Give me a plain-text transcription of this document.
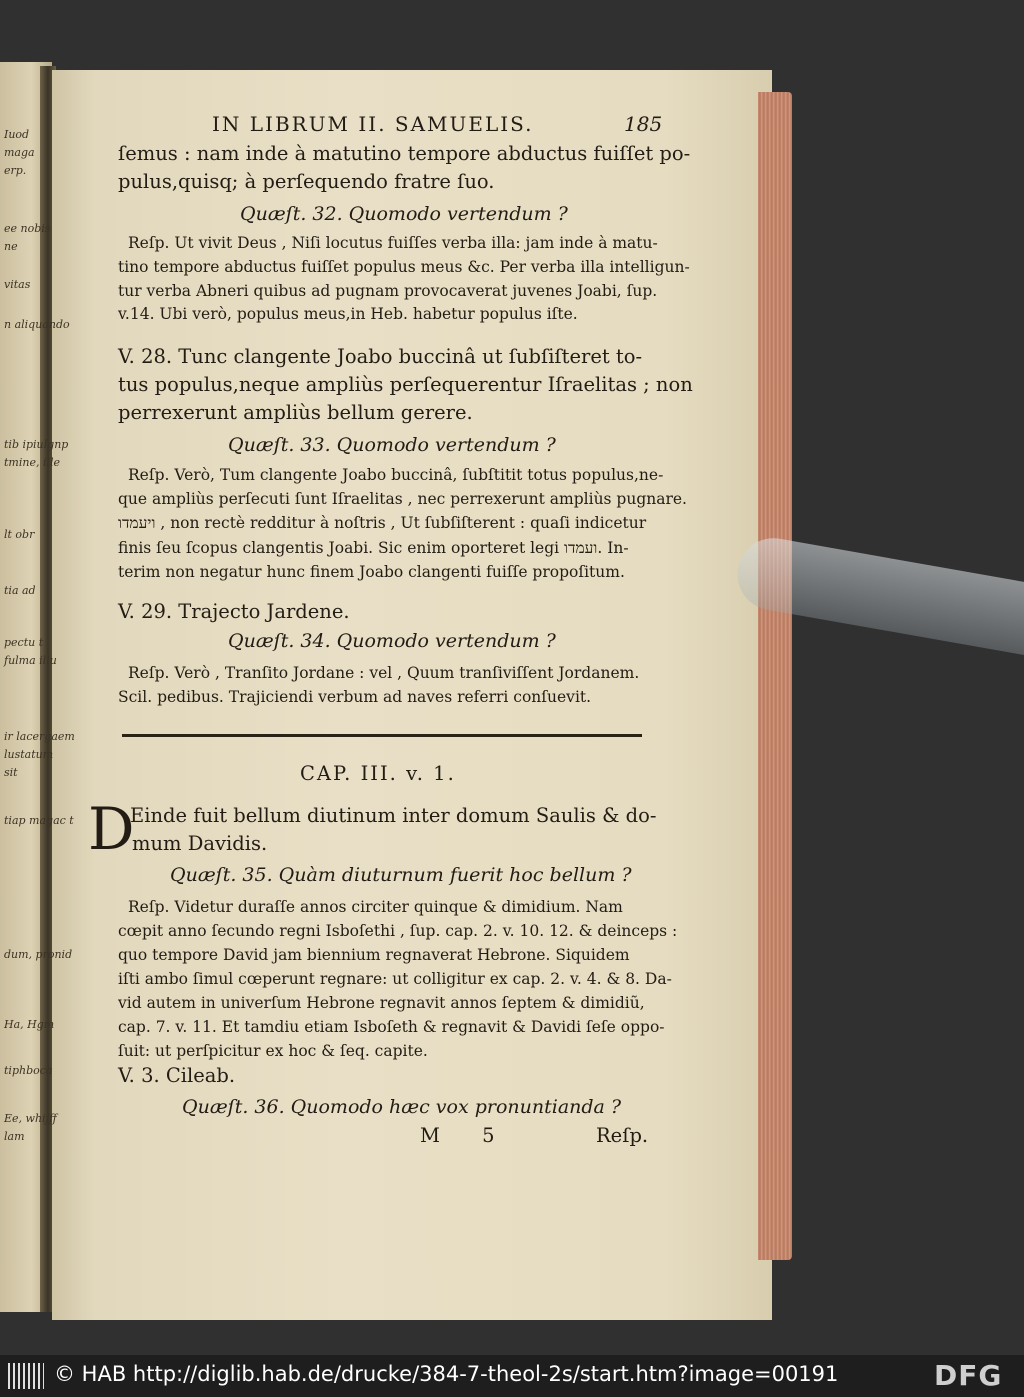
Iuod
maga
erp.
ee nobis
ne
vitas
n aliquando
tib ipiulgnp
tmine, ille
lt obr
tia ad
pectu t
fulma illu
ir lacergaem
lustatum
sit
tiap magac t
dum, pronid
Ha, Hgm
tiphboca
Ee, whijff
lam
IN LIBRUM II. SAMUELIS.	185
ſemus : nam inde à matutino tempore abductus fuiſſet po-
pulus,quisq; à perſequendo fratre ſuo.
Quæſt. 32. Quomodo vertendum ?
Reſp. Ut vivit Deus , Niſi locutus fuiſſes verba illa: jam inde à matu-
tino tempore abductus fuiſſet populus meus &c. Per verba illa intelligun-
tur verba Abneri quibus ad pugnam provocaverat juvenes Joabi, ſup.
v.14. Ubi verò, populus meus,in Heb. habetur populus iſte.
V. 28. Tunc clangente Joabo buccinâ ut ſubſiſteret to-
tus populus,neque ampliùs perſequerentur Iſraelitas ; non
perrexerunt ampliùs bellum gerere.
Quæſt. 33. Quomodo vertendum ?
Reſp. Verò, Tum clangente Joabo buccinâ, ſubſtitit totus populus,ne-
que ampliùs perſecuti ſunt Iſraelitas , nec perrexerunt ampliùs pugnare.
ויעמדו , non rectè redditur à noſtris , Ut ſubſiſterent : quaſi indicetur
finis ſeu ſcopus clangentis Joabi. Sic enim oporteret legi ועמדו. In-
terim non negatur hunc finem Joabo clangenti fuiſſe propoſitum.
V. 29. Trajecto Jardene.
Quæſt. 34. Quomodo vertendum ?
Reſp. Verò , Tranſito Jordane : vel , Quum tranſiviſſent Jordanem.
Scil. pedibus. Trajiciendi verbum ad naves referri conſuevit.
CAP. III. v. 1.
D
Einde fuit bellum diutinum inter domum Saulis & do-
mum Davidis.
Quæſt. 35. Quàm diuturnum fuerit hoc bellum ?
Reſp. Videtur duraſſe annos circiter quinque & dimidium. Nam
cœpit anno ſecundo regni Isboſethi , ſup. cap. 2. v. 10. 12. & deinceps :
quo tempore David jam biennium regnaverat Hebrone. Siquidem
iſti ambo ſimul cœperunt regnare: ut colligitur ex cap. 2. v. 4. & 8. Da-
vid autem in univerſum Hebrone regnavit annos ſeptem & dimidiũ,
cap. 7. v. 11. Et tamdiu etiam Isboſeth & regnavit & Davidi ſeſe oppo-
ſuit: ut perſpicitur ex hoc & ſeq. capite.
V. 3. Cileab.
Quæſt. 36. Quomodo hæc vox pronuntianda ?
M 5	Reſp.
© HAB http://diglib.hab.de/drucke/384-7-theol-2s/start.htm?image=00191	DFG
